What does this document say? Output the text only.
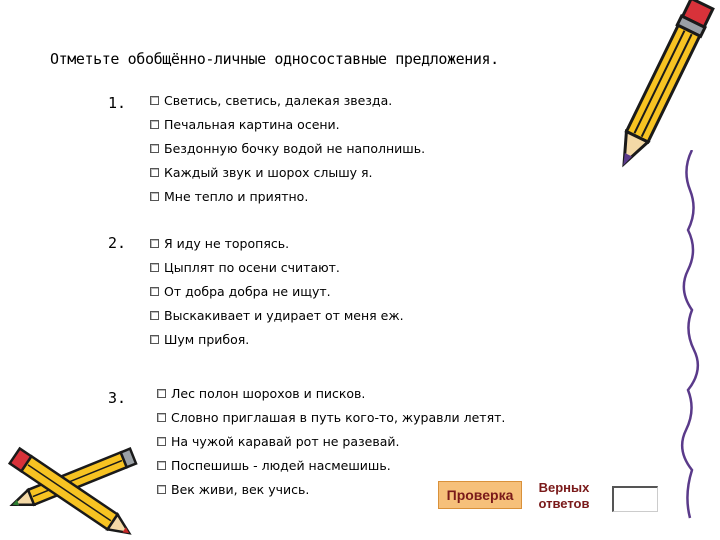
Отметьте обобщённо-личные односоставные предложения.
1.	Светись, светись, далекая звезда.
Печальная картина осени.
Бездонную бочку водой не наполнишь.
Каждый звук и шорох слышу я.
Мне тепло и приятно.
2.	Я иду не торопясь.
Цыплят по осени считают.
От добра добра не ищут.
Выскакивает и удирает от меня еж.
Шум прибоя.
3.	Лес полон шорохов и писков.
Словно приглашая в путь кого-то, журавли летят.
На чужой каравай рот не разевай.
Поспешишь - людей насмешишь.
Век живи, век учись.	Проверка	Верных
ответов
